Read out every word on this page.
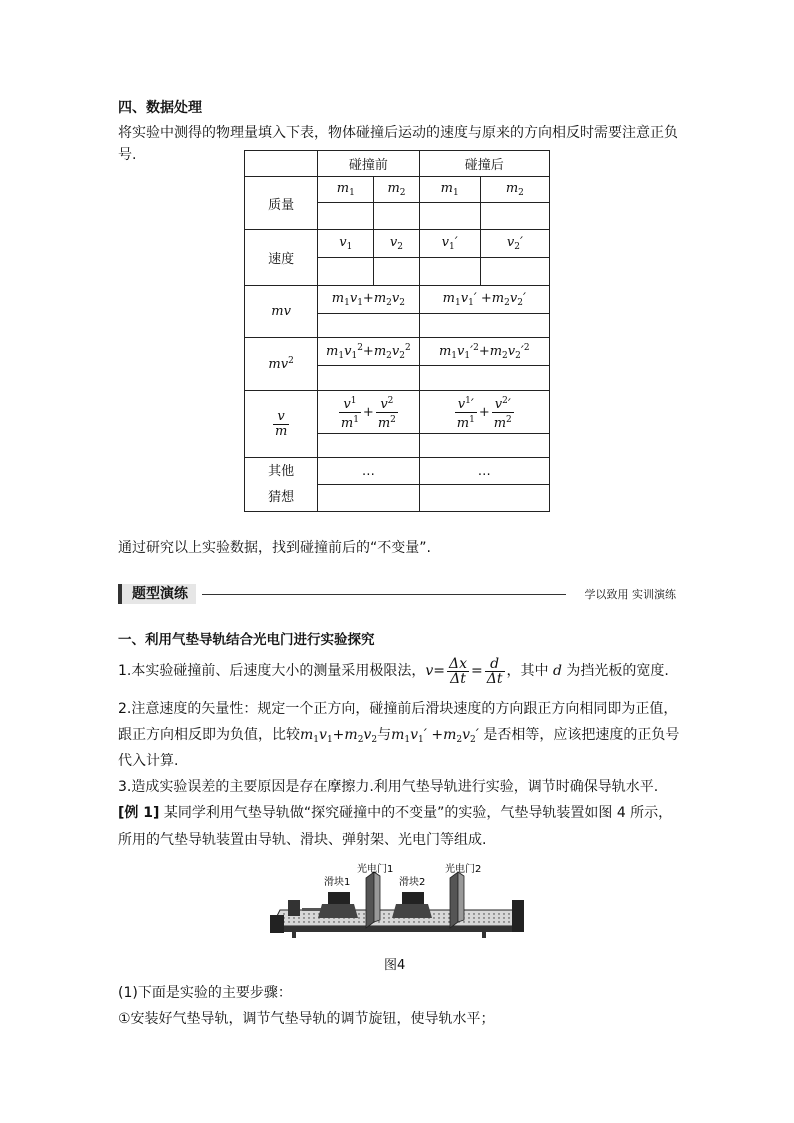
四、数据处理

将实验中测得的物理量填入下表，物体碰撞后运动的速度与原来的方向相反时需要注意正负号.

	碰撞前		碰撞后	
质量	$m_1$	$m_2$	$m_1$	$m_2$

速度	$v_1$	$v_2$	$v_1'$	$v_2'$

mv	$m_1v_1+m_2v_2$		$m_1v_1' +m_2v_2'$	

$mv^2$	$m_1v_1^2+m_2v_2^2$		$m_1v_1'^2+m_2v_2'^2$

$\frac{v}{m}$	$\frac{v^1}{m^1} + \frac{v^2}{m^2}$		$\frac{v^1'}{m^1} + \frac{v^2'}{m^2}$

其他
猜想	…		…	

通过研究以上实验数据，找到碰撞前后的“不变量”.

题型演练	学以致用 实训演练
一、利用气垫导轨结合光电门进行实验探究
1.本实验碰撞前、后速度大小的测量采用极限法，$v= \frac{\Delta x}{\Delta t} = \frac{d}{\Delta t}$ ，其中 d 为挡光板的宽度.

2.注意速度的矢量性：规定一个正方向，碰撞前后滑块速度的方向跟正方向相同即为正值，

跟正方向相反即为负值，比较$m_1v_1+m_2v_2$与$m_1v_1' +m_2v_2'$ 是否相等，应该把速度的正负号

代入计算.

3.造成实验误差的主要原因是存在摩擦力.利用气垫导轨进行实验，调节时确保导轨水平.

[例 1] 某同学利用气垫导轨做“探究碰撞中的不变量”的实验，气垫导轨装置如图 4 所示，

所用的气垫导轨装置由导轨、滑块、弹射架、光电门等组成.

滑块1
光电门1
滑块2
光电门2
图4

(1)下面是实验的主要步骤：

①安装好气垫导轨，调节气垫导轨的调节旋钮，使导轨水平；
